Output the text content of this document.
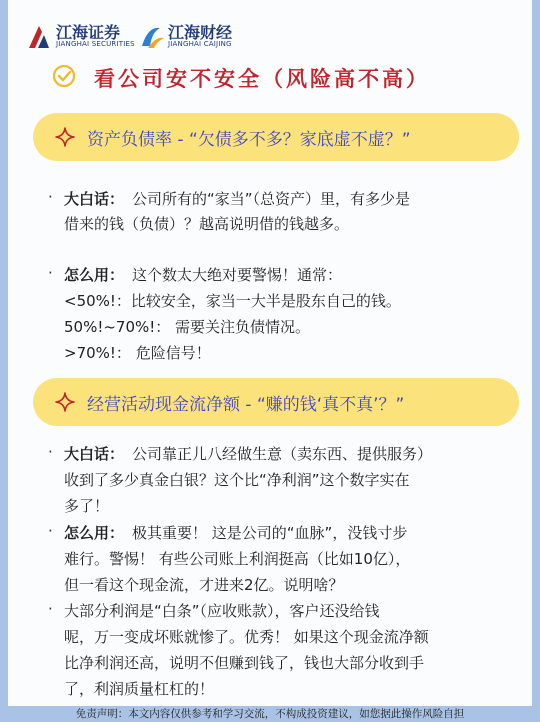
江海证券
JIANGHAI SECURITIES
江海财经
JIANGHAI CAIJING
看公司安不安全（风险高不高）
资产负债率 - “欠债多不多？家底虚不虚？”
· 大白话： 公司所有的“家当”（总资产）里，有多少是
借来的钱（负债）？越高说明借的钱越多。
· 怎么用： 这个数太大绝对要警惕！通常：
<50%!：比较安全，家当一大半是股东自己的钱。
50%!~70%!： 需要关注负债情况。
>70%!： 危险信号！
经营活动现金流净额 - “赚的钱‘真不真’？”
· 大白话： 公司靠正儿八经做生意（卖东西、提供服务）
收到了多少真金白银？这个比“净利润”这个数字实在
多了！
· 怎么用： 极其重要！ 这是公司的“血脉”，没钱寸步
难行。警惕！ 有些公司账上利润挺高（比如10亿），
但一看这个现金流，才进来2亿。说明啥？
· 大部分利润是“白条”（应收账款），客户还没给钱
呢，万一变成坏账就惨了。优秀！ 如果这个现金流净额
比净利润还高，说明不但赚到钱了，钱也大部分收到手
了，利润质量杠杠的！
免责声明：本文内容仅供参考和学习交流，不构成投资建议，如您据此操作风险自担
